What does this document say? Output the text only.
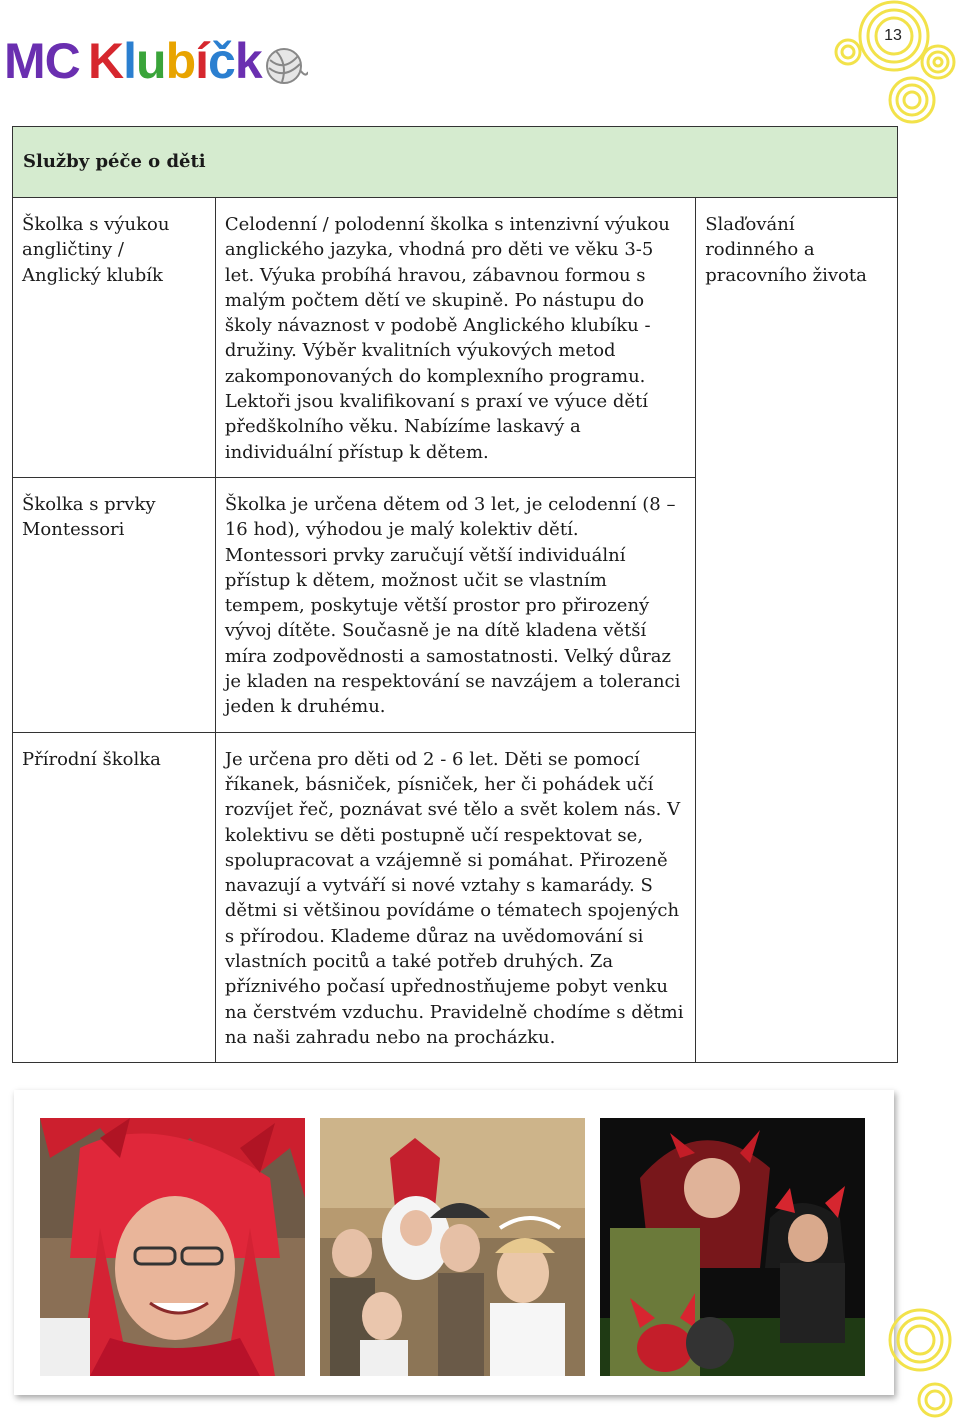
MC Klubíčk	13
Služby péče o děti		
Školka s výukou angličtiny / Anglický klubík	Celodenní / polodenní školka s intenzivní výukou anglického jazyka, vhodná pro děti ve věku 3-5 let. Výuka probíhá hravou, zábavnou formou s malým počtem dětí ve skupině. Po nástupu do školy návaznost v podobě Anglického klubíku - družiny. Výběr kvalitních výukových metod zakomponovaných do komplexního programu. Lektoři jsou kvalifikovaní s praxí ve výuce dětí předškolního věku. Nabízíme laskavý a individuální přístup k dětem.	Slaďování rodinného a pracovního života
Školka s prvky Montessori	Školka je určena dětem od 3 let, je celodenní (8 – 16 hod), výhodou je malý kolektiv dětí. Montessori prvky zaručují větší individuální přístup k dětem, možnost učit se vlastním tempem, poskytuje větší prostor pro přirozený vývoj dítěte. Současně je na dítě kladena větší míra zodpovědnosti a samostatnosti. Velký důraz je kladen na respektování se navzájem a toleranci jeden k druhému.	
Přírodní školka	Je určena pro děti od 2 - 6 let. Děti se pomocí říkanek, básniček, písniček, her či pohádek učí rozvíjet řeč, poznávat své tělo a svět kolem nás. V kolektivu se děti postupně učí respektovat se, spolupracovat a vzájemně si pomáhat. Přirozeně navazují a vytváří si nové vztahy s kamarády. S dětmi si většinou povídáme o tématech spojených s přírodou. Klademe důraz na uvědomování si vlastních pocitů a také potřeb druhých. Za příznivého počasí upřednostňujeme pobyt venku na čerstvém vzduchu. Pravidelně chodíme s dětmi na naši zahradu nebo na procházku.	
